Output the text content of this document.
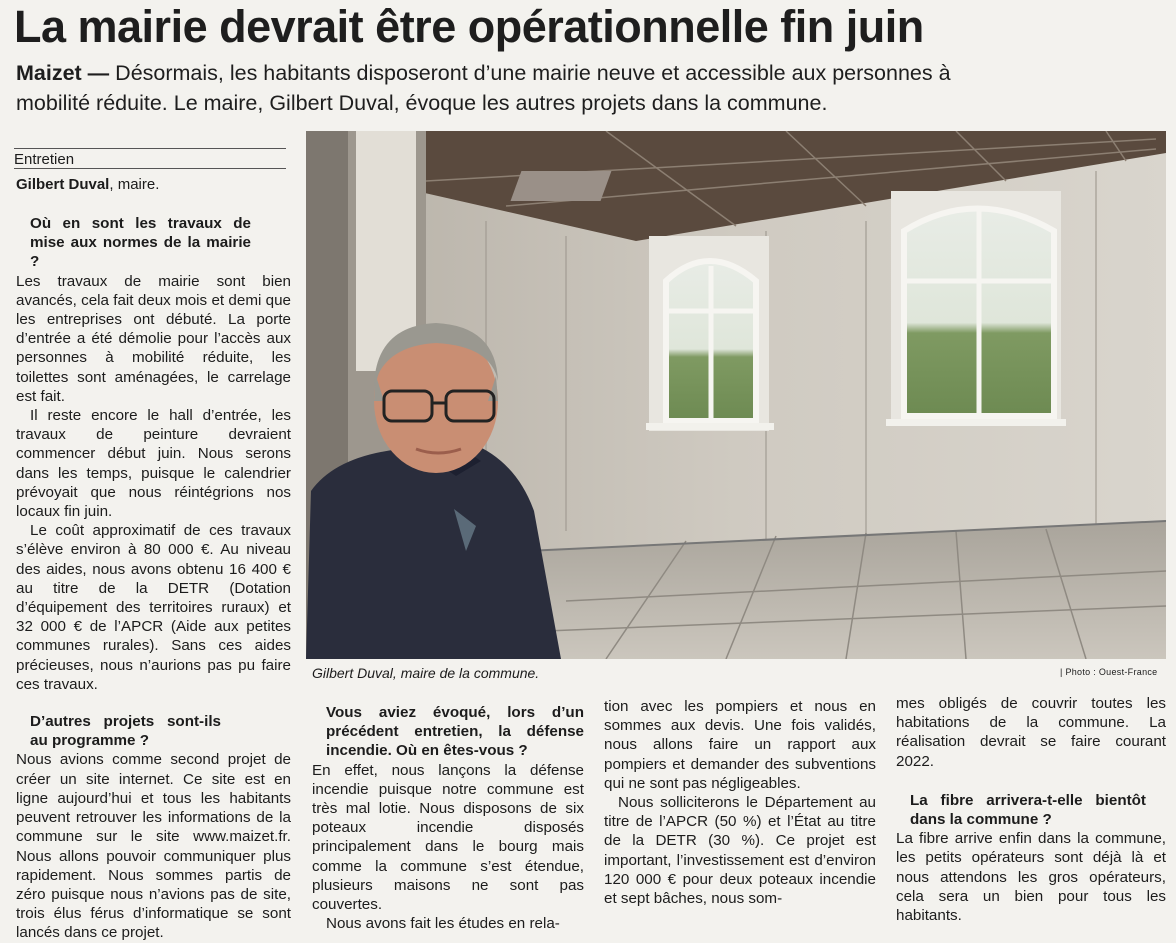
La mairie devrait être opérationnelle fin juin

Maizet — Désormais, les habitants disposeront d’une mairie neuve et accessible aux personnes à mobilité réduite. Le maire, Gilbert Duval, évoque les autres projets dans la commune.

Entretien
Gilbert Duval, maire.

Où en sont les travaux de mise aux normes de la mairie ?

Les travaux de mairie sont bien avancés, cela fait deux mois et demi que les entreprises ont débuté. La porte d’entrée a été démolie pour l’accès aux personnes à mobilité réduite, les toilettes sont aménagées, le carrelage est fait.

Il reste encore le hall d’entrée, les travaux de peinture devraient commencer début juin. Nous serons dans les temps, puisque le calendrier prévoyait que nous réintégrions nos locaux fin juin.

Le coût approximatif de ces travaux s’élève environ à 80 000 €. Au niveau des aides, nous avons obtenu 16 400 € au titre de la DETR (Dotation d’équipement des territoires ruraux) et 32 000 € de l’APCR (Aide aux petites communes rurales). Sans ces aides précieuses, nous n’aurions pas pu faire ces travaux.

D’autres projets sont-ils au programme ?

Nous avions comme second projet de créer un site internet. Ce site est en ligne aujourd’hui et tous les habitants peuvent retrouver les informations de la commune sur le site www.maizet.fr. Nous allons pouvoir communiquer plus rapidement. Nous sommes partis de zéro puisque nous n’avions pas de site, trois élus férus d’informatique se sont lancés dans ce projet.

Gilbert Duval, maire de la commune.	| Photo : Ouest-France

Vous aviez évoqué, lors d’un précédent entretien, la défense incendie. Où en êtes-vous ?

En effet, nous lançons la défense incendie puisque notre commune est très mal lotie. Nous disposons de six poteaux incendie disposés principalement dans le bourg mais comme la commune s’est étendue, plusieurs maisons ne sont pas couvertes.

Nous avons fait les études en rela-

tion avec les pompiers et nous en sommes aux devis. Une fois validés, nous allons faire un rapport aux pompiers et demander des subventions qui ne sont pas négligeables.

Nous solliciterons le Département au titre de l’APCR (50 %) et l’État au titre de la DETR (30 %). Ce projet est important, l’investissement est d’environ 120 000 € pour deux poteaux incendie et sept bâches, nous som-

mes obligés de couvrir toutes les habitations de la commune. La réalisation devrait se faire courant 2022.

La fibre arrivera-t-elle bientôt dans la commune ?

La fibre arrive enfin dans la commune, les petits opérateurs sont déjà là et nous attendons les gros opérateurs, cela sera un bien pour tous les habitants.
